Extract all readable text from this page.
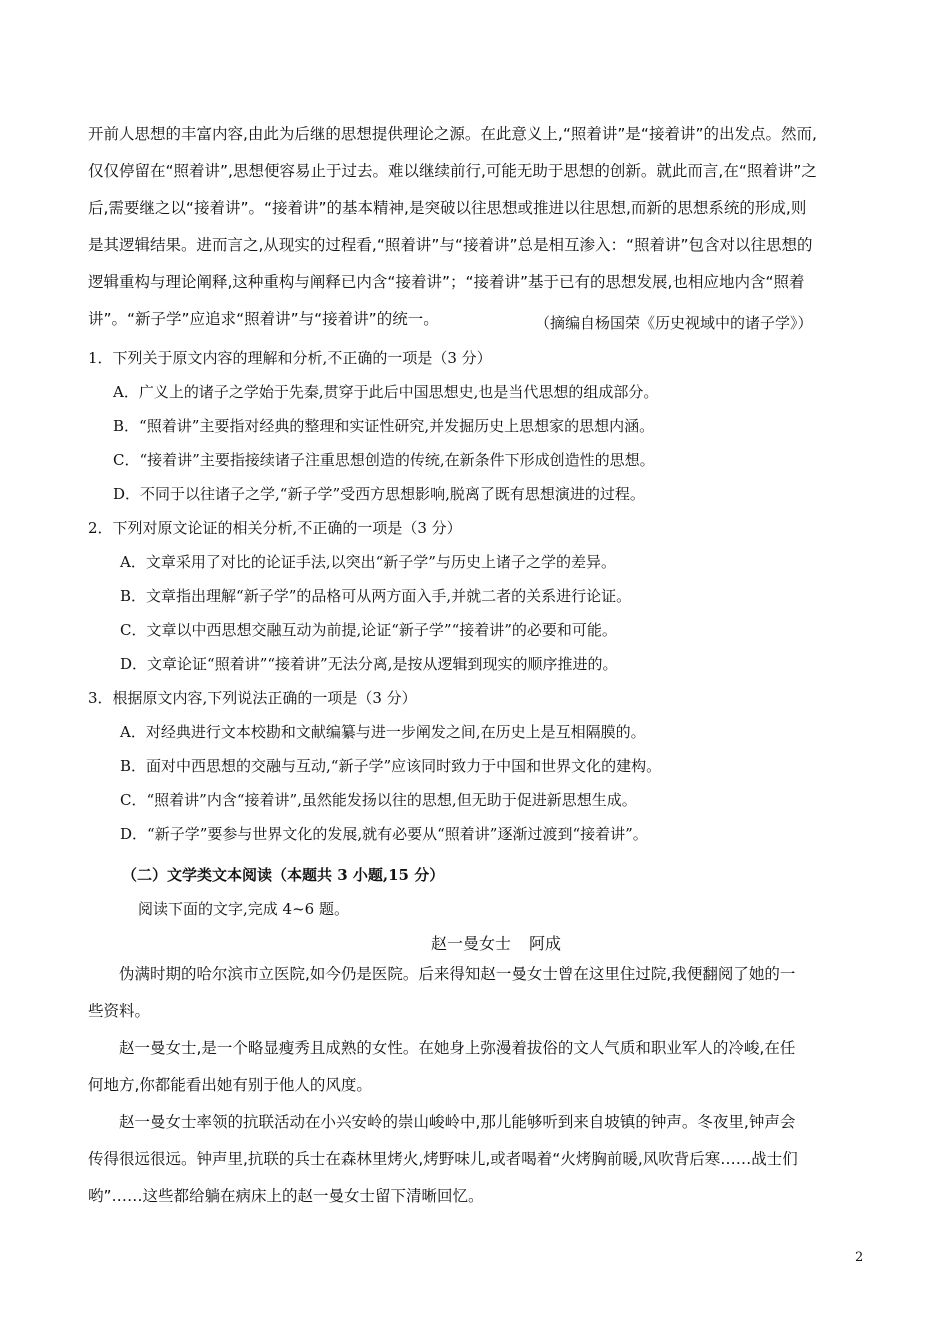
开前人思想的丰富内容,由此为后继的思想提供理论之源。在此意义上,“照着讲”是“接着讲”的出发点。然而,
仅仅停留在“照着讲”,思想便容易止于过去。难以继续前行,可能无助于思想的创新。就此而言,在“照着讲”之
后,需要继之以“接着讲”。“接着讲”的基本精神,是突破以往思想或推进以往思想,而新的思想系统的形成,则
是其逻辑结果。进而言之,从现实的过程看,“照着讲”与“接着讲”总是相互渗入：“照着讲”包含对以往思想的
逻辑重构与理论阐释,这种重构与阐释已内含“接着讲”；“接着讲”基于已有的思想发展,也相应地内含“照着
讲”。“新子学”应追求“照着讲”与“接着讲”的统一。	（摘编自杨国荣《历史视域中的诸子学》）
1．下列关于原文内容的理解和分析,不正确的一项是（3 分）
A．广义上的诸子之学始于先秦,贯穿于此后中国思想史,也是当代思想的组成部分。
B．“照着讲”主要指对经典的整理和实证性研究,并发掘历史上思想家的思想内涵。
C．“接着讲”主要指接续诸子注重思想创造的传统,在新条件下形成创造性的思想。
D．不同于以往诸子之学,“新子学”受西方思想影响,脱离了既有思想演进的过程。
2．下列对原文论证的相关分析,不正确的一项是（3 分）
A．文章采用了对比的论证手法,以突出“新子学”与历史上诸子之学的差异。
B．文章指出理解“新子学”的品格可从两方面入手,并就二者的关系进行论证。
C．文章以中西思想交融互动为前提,论证“新子学”“接着讲”的必要和可能。
D．文章论证“照着讲”“接着讲”无法分离,是按从逻辑到现实的顺序推进的。
3．根据原文内容,下列说法正确的一项是（3 分）
A．对经典进行文本校勘和文献编纂与进一步阐发之间,在历史上是互相隔膜的。
B．面对中西思想的交融与互动,“新子学”应该同时致力于中国和世界文化的建构。
C．“照着讲”内含“接着讲”,虽然能发扬以往的思想,但无助于促进新思想生成。
D．“新子学”要参与世界文化的发展,就有必要从“照着讲”逐渐过渡到“接着讲”。
（二）文学类文本阅读（本题共 3 小题,15 分）
阅读下面的文字,完成 4~6 题。
赵一曼女士 阿成
伪满时期的哈尔滨市立医院,如今仍是医院。后来得知赵一曼女士曾在这里住过院,我便翻阅了她的一
些资料。
赵一曼女士,是一个略显瘦秀且成熟的女性。在她身上弥漫着拔俗的文人气质和职业军人的冷峻,在任
何地方,你都能看出她有别于他人的风度。
赵一曼女士率领的抗联活动在小兴安岭的崇山峻岭中,那儿能够听到来自坡镇的钟声。冬夜里,钟声会
传得很远很远。钟声里,抗联的兵士在森林里烤火,烤野味儿,或者喝着“火烤胸前暖,风吹背后寒……战士们
哟”……这些都给躺在病床上的赵一曼女士留下清晰回忆。
2
